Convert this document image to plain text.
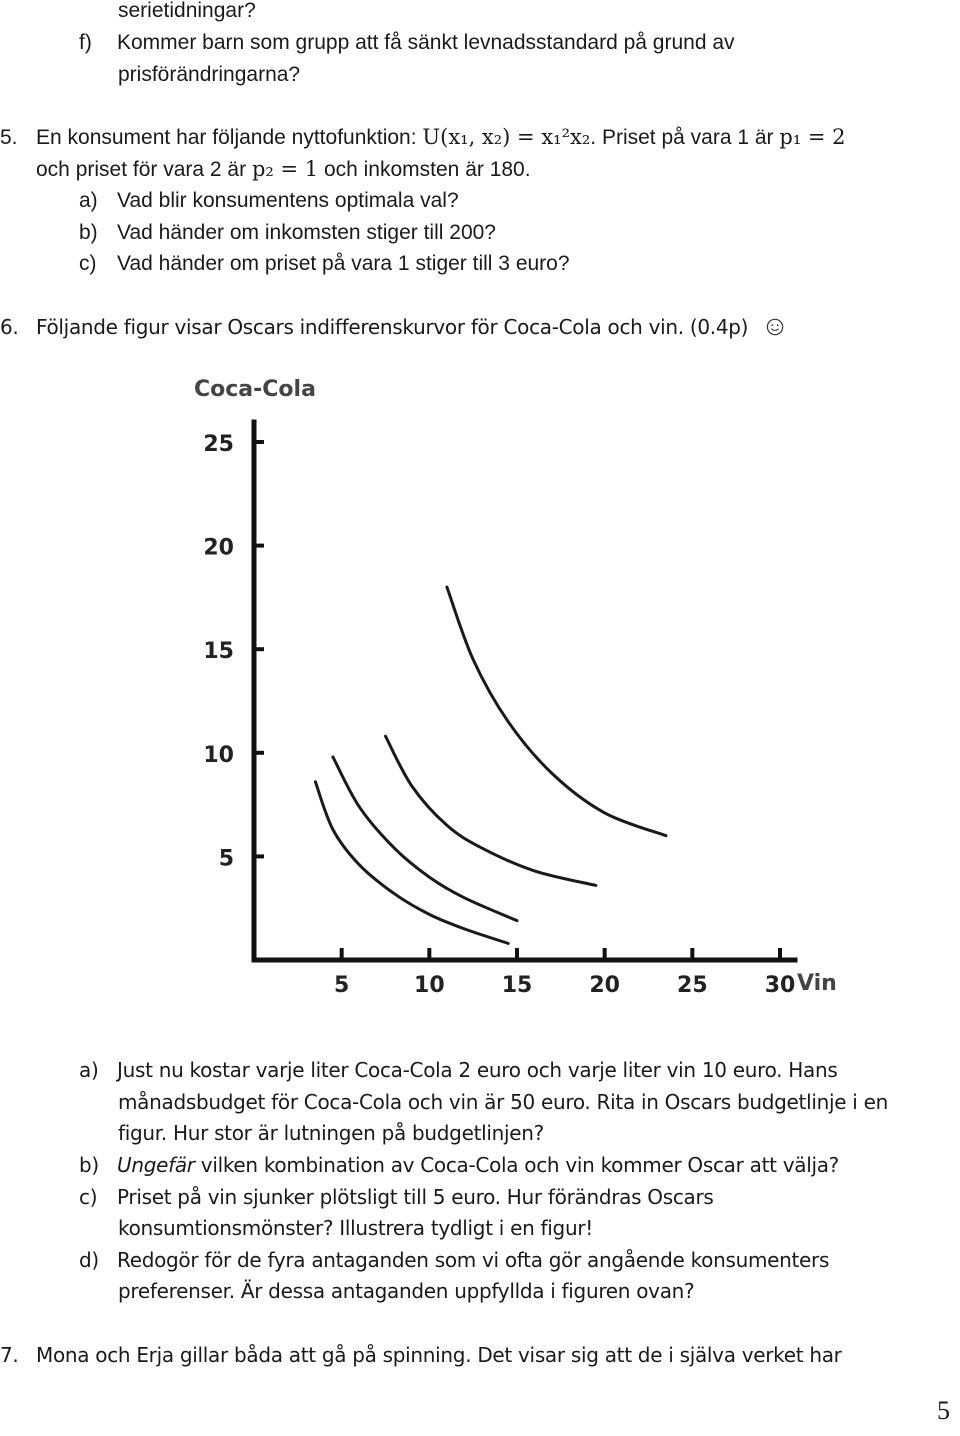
serietidningar?
f) Kommer barn som grupp att få sänkt levnadsstandard på grund av
prisförändringarna?
5. En konsument har följande nyttofunktion: U(x₁, x₂) = x₁²x₂. Priset på vara 1 är p₁ = 2
och priset för vara 2 är p₂ = 1 och inkomsten är 180.
a) Vad blir konsumentens optimala val?
b) Vad händer om inkomsten stiger till 200?
c) Vad händer om priset på vara 1 stiger till 3 euro?
6. Följande figur visar Oscars indifferenskurvor för Coca-Cola och vin. (0.4p)
5
10
15
20
25
5	10	15	20	25	30
Coca-Cola
Vin
a) Just nu kostar varje liter Coca-Cola 2 euro och varje liter vin 10 euro. Hans
månadsbudget för Coca-Cola och vin är 50 euro. Rita in Oscars budgetlinje i en
figur. Hur stor är lutningen på budgetlinjen?
b) Ungefär vilken kombination av Coca-Cola och vin kommer Oscar att välja?
c) Priset på vin sjunker plötsligt till 5 euro. Hur förändras Oscars
konsumtionsmönster? Illustrera tydligt i en figur!
d) Redogör för de fyra antaganden som vi ofta gör angående konsumenters
preferenser. Är dessa antaganden uppfyllda i figuren ovan?
7. Mona och Erja gillar båda att gå på spinning. Det visar sig att de i själva verket har
5
